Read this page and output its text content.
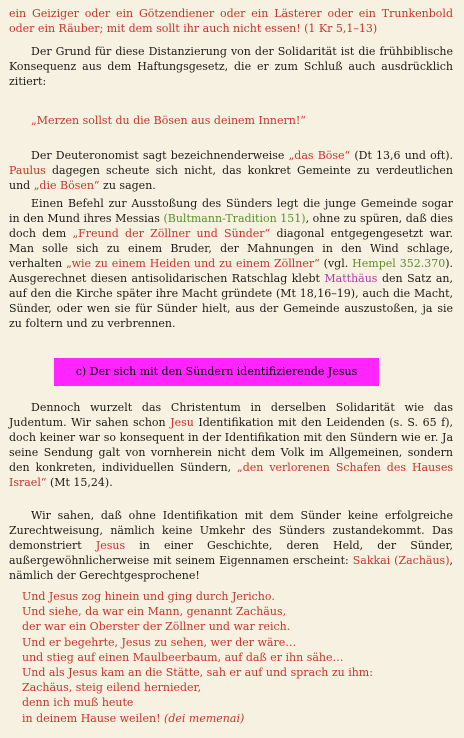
ein Geiziger oder ein Götzendiener oder ein Lästerer oder ein Trunkenbold oder ein Räuber; mit dem sollt ihr auch nicht essen! (1 Kr 5,1–13)

Der Grund für diese Distanzierung von der Solidarität ist die frühbiblische Konsequenz aus dem Haftungsgesetz, die er zum Schluß auch ausdrücklich zitiert:

„Merzen sollst du die Bösen aus deinem Innern!“

Der Deuteronomist sagt bezeichnenderweise „das Böse“ (Dt 13,6 und oft). Paulus dagegen scheute sich nicht, das konkret Gemeinte zu verdeutlichen und „die Bösen“ zu sagen.

Einen Befehl zur Ausstoßung des Sünders legt die junge Gemeinde sogar in den Mund ihres Messias (Bultmann-Tradition 151), ohne zu spüren, daß dies doch dem „Freund der Zöllner und Sünder“ diagonal entgegengesetzt war. Man solle sich zu einem Bruder, der Mahnungen in den Wind schlage, verhalten „wie zu einem Heiden und zu einem Zöllner“ (vgl. Hempel 352.370). Ausgerechnet diesen antisolidarischen Ratschlag klebt Matthäus den Satz an, auf den die Kirche später ihre Macht gründete (Mt 18,16–19), auch die Macht, Sünder, oder wen sie für Sünder hielt, aus der Gemeinde auszustoßen, ja sie zu foltern und zu verbrennen.

c) Der sich mit den Sündern identifizierende Jesus

Dennoch wurzelt das Christentum in derselben Solidarität wie das Judentum. Wir sahen schon Jesu Identifikation mit den Leidenden (s. S. 65 f), doch keiner war so konsequent in der Identifikation mit den Sündern wie er. Ja seine Sendung galt von vornherein nicht dem Volk im Allgemeinen, sondern den konkreten, individuellen Sündern, „den verlorenen Schafen des Hauses Israel“ (Mt 15,24).

Wir sahen, daß ohne Identifikation mit dem Sünder keine erfolgreiche Zurechtweisung, nämlich keine Umkehr des Sünders zustandekommt. Das demonstriert Jesus in einer Geschichte, deren Held, der Sünder, außergewöhnlicherweise mit seinem Eigennamen erscheint: Sakkai (Zachäus), nämlich der Gerechtgesprochene!

Und Jesus zog hinein und ging durch Jericho.
Und siehe, da war ein Mann, genannt Zachäus,
der war ein Oberster der Zöllner und war reich.
Und er begehrte, Jesus zu sehen, wer der wäre…
und stieg auf einen Maulbeerbaum, auf daß er ihn sähe…
Und als Jesus kam an die Stätte, sah er auf und sprach zu ihm:
Zachäus, steig eilend hernieder,
denn ich muß heute
in deinem Hause weilen! (dei memenai)
